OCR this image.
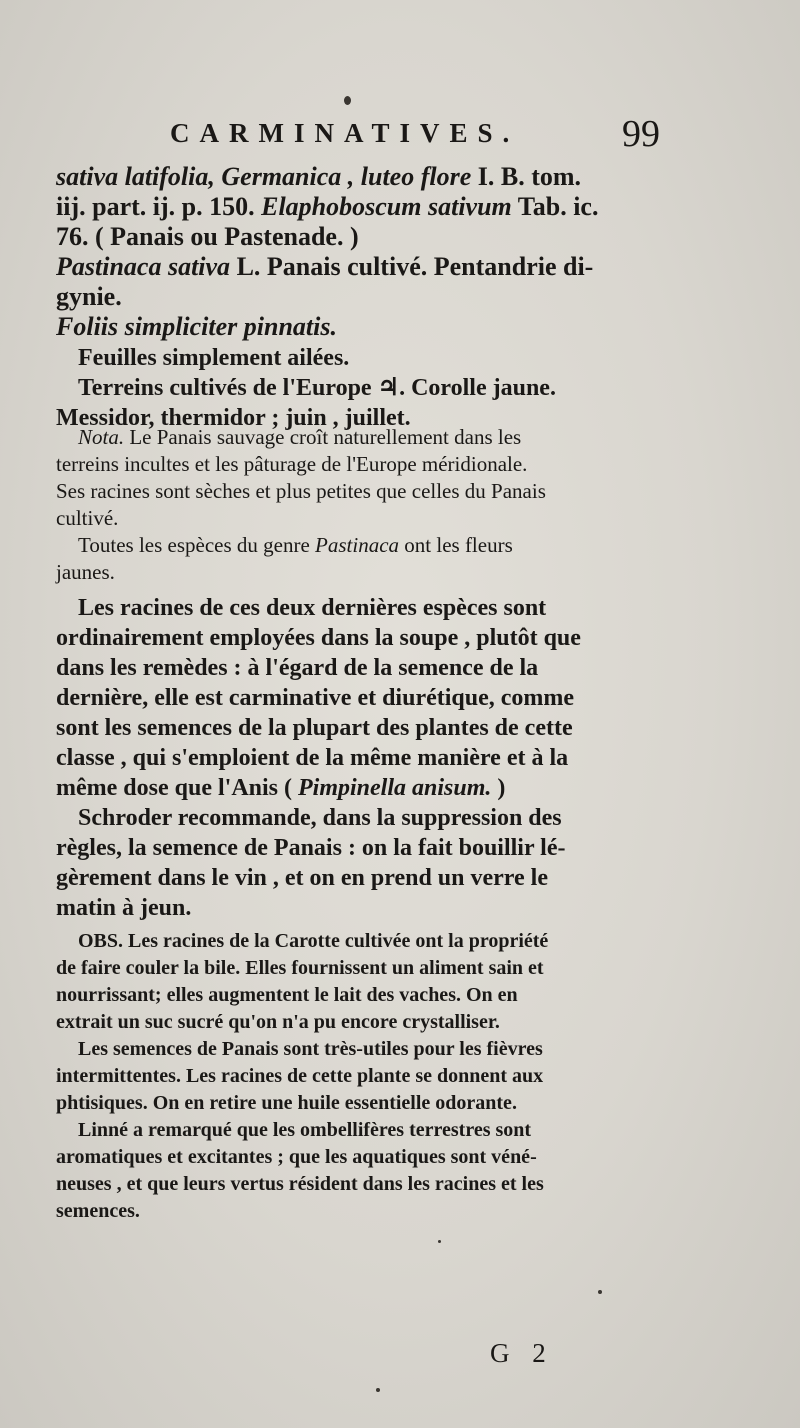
CARMINATIVES.	99
sativa latifolia, Germanica , luteo flore I. B. tom.
iij. part. ij. p. 150. Elaphoboscum sativum Tab. ic.
76. ( Panais ou Pastenade. )
Pastinaca sativa L. Panais cultivé. Pentandrie di-
gynie.
Foliis simpliciter pinnatis.
Feuilles simplement ailées.
Terreins cultivés de l'Europe ♃. Corolle jaune.
Messidor, thermidor ; juin , juillet.
Nota. Le Panais sauvage croît naturellement dans les
terreins incultes et les pâturage de l'Europe méridionale.
Ses racines sont sèches et plus petites que celles du Panais
cultivé.
Toutes les espèces du genre Pastinaca ont les fleurs
jaunes.
Les racines de ces deux dernières espèces sont
ordinairement employées dans la soupe , plutôt que
dans les remèdes : à l'égard de la semence de la
dernière, elle est carminative et diurétique, comme
sont les semences de la plupart des plantes de cette
classe , qui s'emploient de la même manière et à la
même dose que l'Anis ( Pimpinella anisum. )
Schroder recommande, dans la suppression des
règles, la semence de Panais : on la fait bouillir lé-
gèrement dans le vin , et on en prend un verre le
matin à jeun.
OBS. Les racines de la Carotte cultivée ont la propriété
de faire couler la bile. Elles fournissent un aliment sain et
nourrissant; elles augmentent le lait des vaches. On en
extrait un suc sucré qu'on n'a pu encore crystalliser.
Les semences de Panais sont très-utiles pour les fièvres
intermittentes. Les racines de cette plante se donnent aux
phtisiques. On en retire une huile essentielle odorante.
Linné a remarqué que les ombellifères terrestres sont
aromatiques et excitantes ; que les aquatiques sont véné-
neuses , et que leurs vertus résident dans les racines et les
semences.
G 2
